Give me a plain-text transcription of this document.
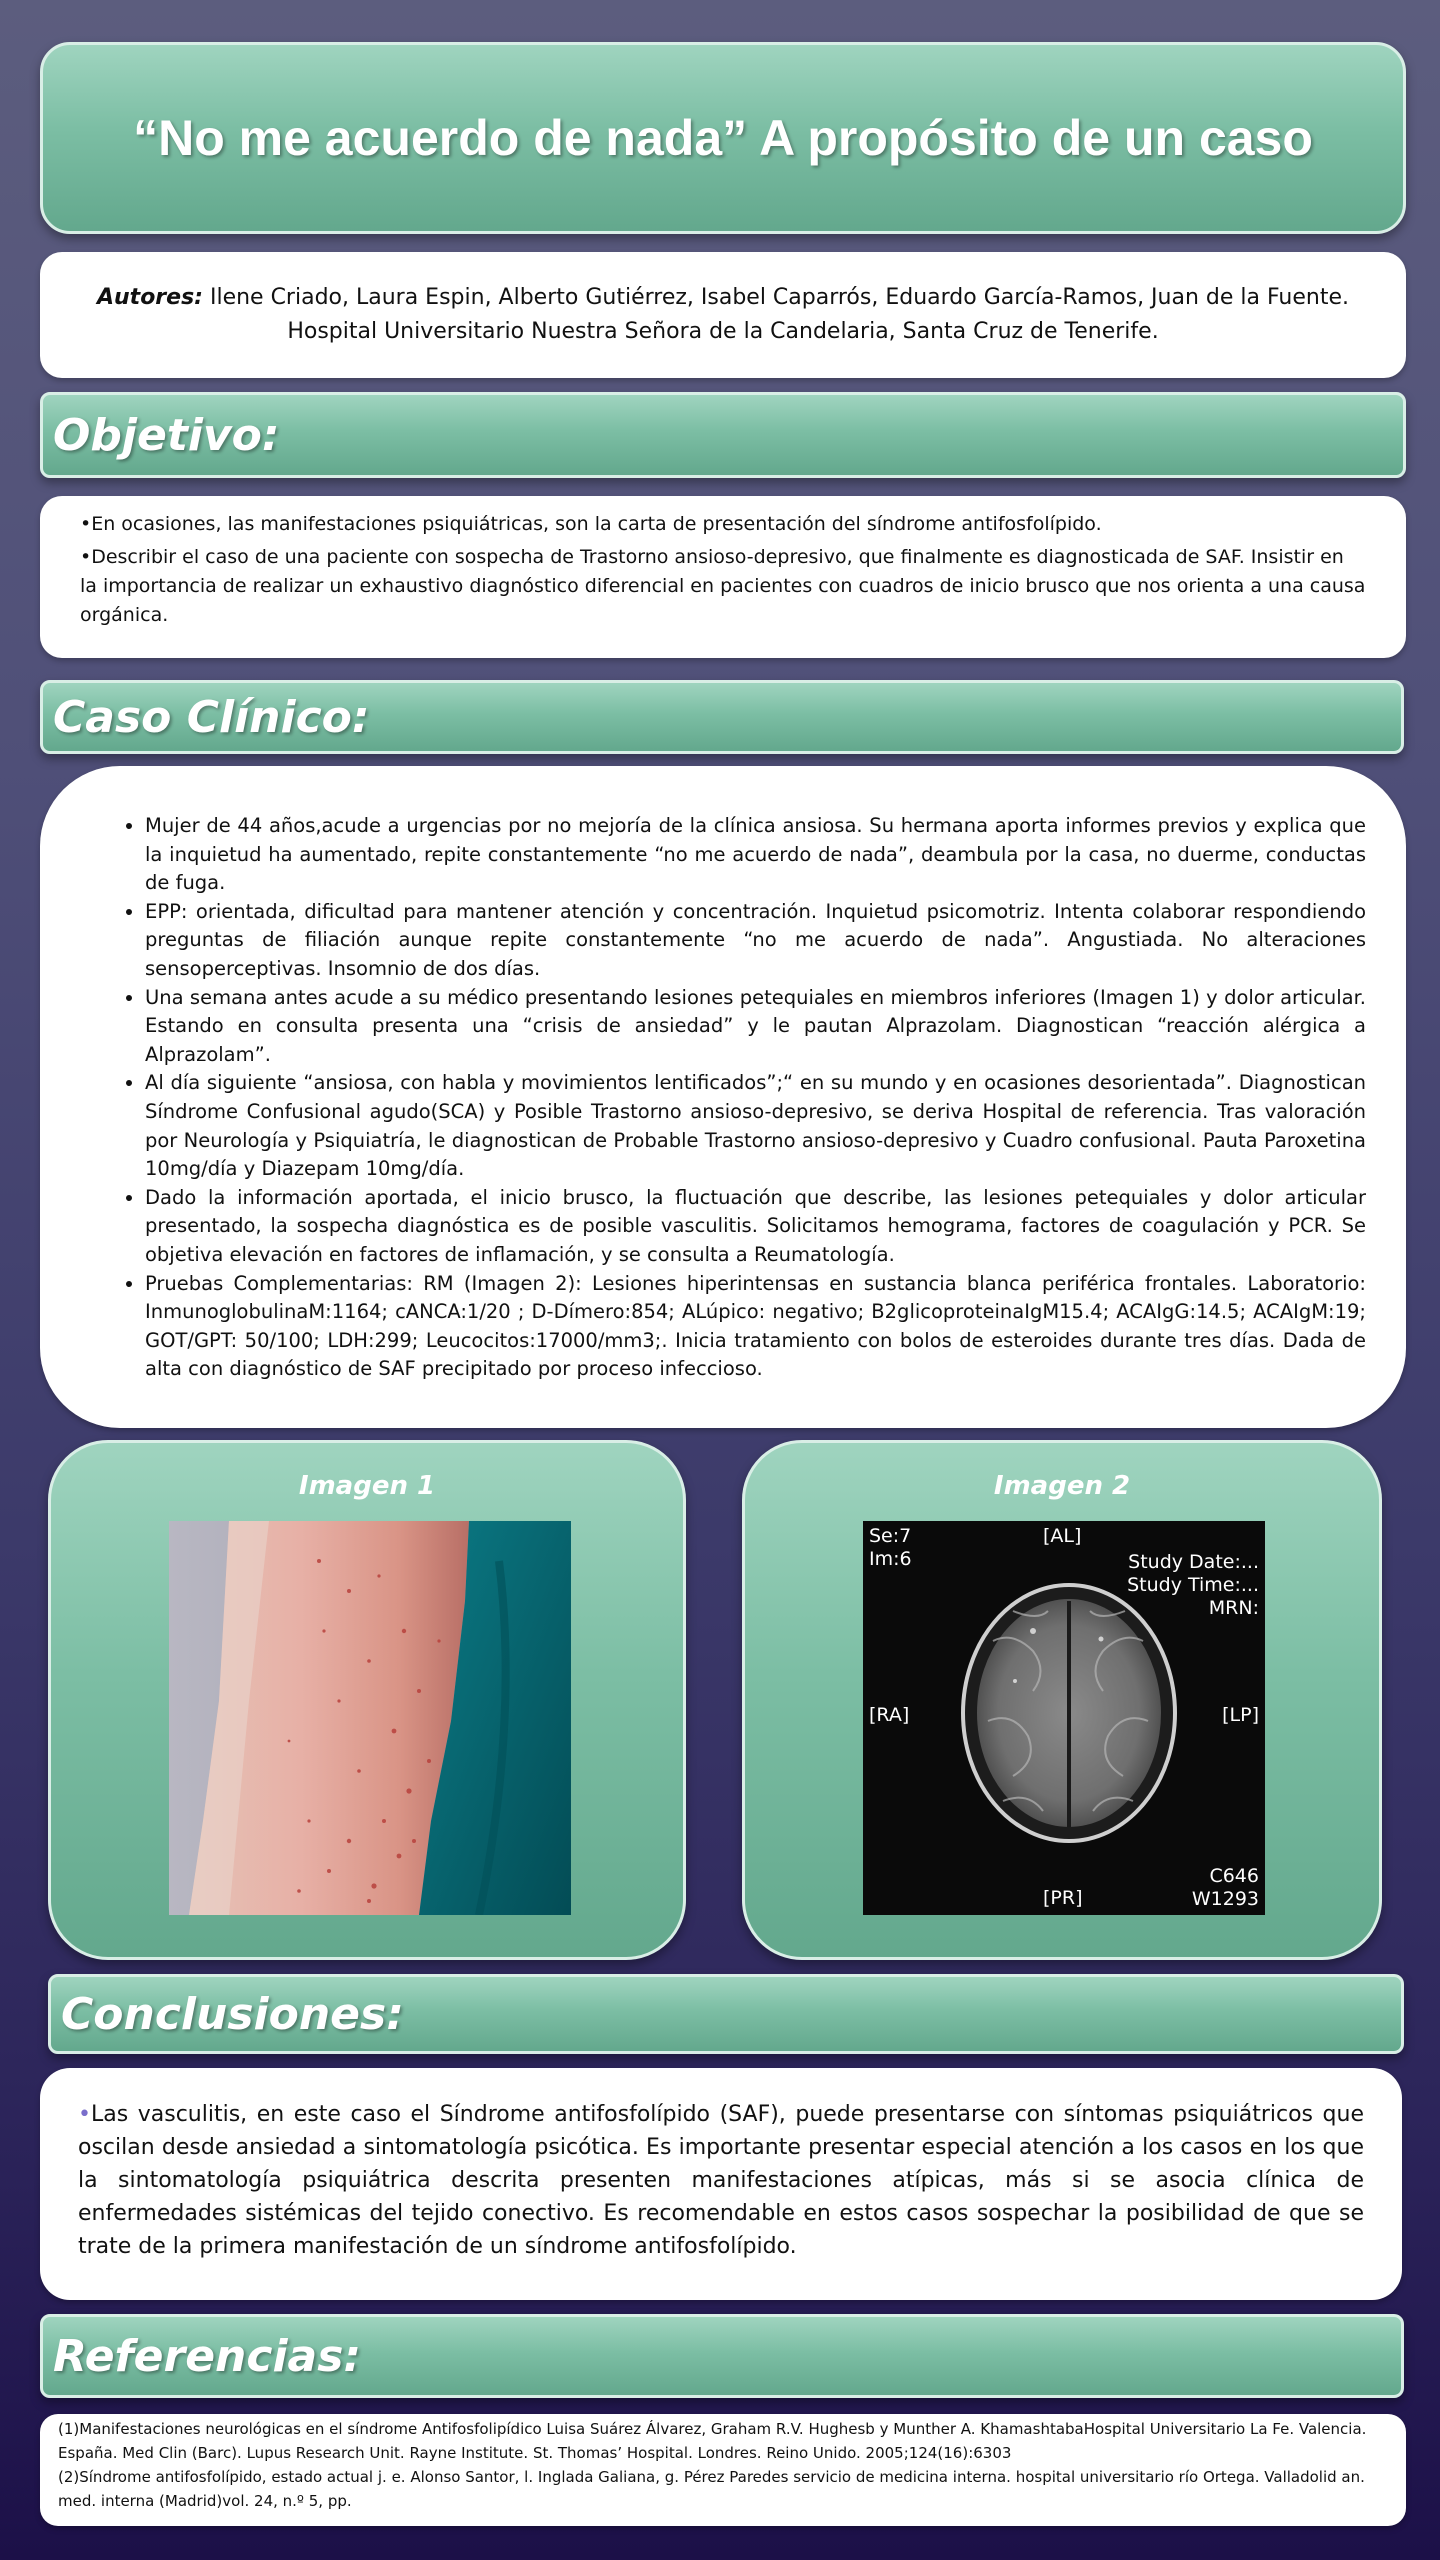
“No me acuerdo de nada” A propósito de un caso
Autores: Ilene Criado, Laura Espin, Alberto Gutiérrez, Isabel Caparrós, Eduardo García-Ramos, Juan de la Fuente.
Hospital Universitario Nuestra Señora de la Candelaria, Santa Cruz de Tenerife.
Objetivo:

•En ocasiones, las manifestaciones psiquiátricas, son la carta de presentación del síndrome antifosfolípido.

•Describir el caso de una paciente con sospecha de Trastorno ansioso-depresivo, que finalmente es diagnosticada de SAF. Insistir en la importancia de realizar un exhaustivo diagnóstico diferencial en pacientes con cuadros de inicio brusco que nos orienta a una causa orgánica.

Caso Clínico:
• Mujer de 44 años,acude a urgencias por no mejoría de la clínica ansiosa. Su hermana aporta informes previos y explica que la inquietud ha aumentado, repite constantemente “no me acuerdo de nada”, deambula por la casa, no duerme, conductas de fuga.
• EPP: orientada, dificultad para mantener atención y concentración. Inquietud psicomotriz. Intenta colaborar respondiendo preguntas de filiación aunque repite constantemente “no me acuerdo de nada”. Angustiada. No alteraciones sensoperceptivas. Insomnio de dos días.
• Una semana antes acude a su médico presentando lesiones petequiales en miembros inferiores (Imagen 1) y dolor articular. Estando en consulta presenta una “crisis de ansiedad” y le pautan Alprazolam. Diagnostican “reacción alérgica a Alprazolam”.
• Al día siguiente “ansiosa, con habla y movimientos lentificados”;“ en su mundo y en ocasiones desorientada”. Diagnostican Síndrome Confusional agudo(SCA) y Posible Trastorno ansioso-depresivo, se deriva Hospital de referencia. Tras valoración por Neurología y Psiquiatría, le diagnostican de Probable Trastorno ansioso-depresivo y Cuadro confusional. Pauta Paroxetina 10mg/día y Diazepam 10mg/día.
• Dado la información aportada, el inicio brusco, la fluctuación que describe, las lesiones petequiales y dolor articular presentado, la sospecha diagnóstica es de posible vasculitis. Solicitamos hemograma, factores de coagulación y PCR. Se objetiva elevación en factores de inflamación, y se consulta a Reumatología.
• Pruebas Complementarias: RM (Imagen 2): Lesiones hiperintensas en sustancia blanca periférica frontales. Laboratorio: InmunoglobulinaM:1164; cANCA:1/20 ; D-Dímero:854; ALúpico: negativo; B2glicoproteinaIgM15.4; ACAIgG:14.5; ACAIgM:19; GOT/GPT: 50/100; LDH:299; Leucocitos:17000/mm3;. Inicia tratamiento con bolos de esteroides durante tres días. Dada de alta con diagnóstico de SAF precipitado por proceso infeccioso.
Imagen 1	Imagen 2
Se:7
Im:6
[AL]
Study Date:...
Study Time:...
MRN:
[RA]	[LP]
[PR]
C646
W1293
Conclusiones:
•Las vasculitis, en este caso el Síndrome antifosfolípido (SAF), puede presentarse con síntomas psiquiátricos que oscilan desde ansiedad a sintomatología psicótica. Es importante presentar especial atención a los casos en los que la sintomatología psiquiátrica descrita presenten manifestaciones atípicas, más si se asocia clínica de enfermedades sistémicas del tejido conectivo. Es recomendable en estos casos sospechar la posibilidad de que se trate de la primera manifestación de un síndrome antifosfolípido.
Referencias:

(1)Manifestaciones neurológicas en el síndrome Antifosfolipídico Luisa Suárez Álvarez, Graham R.V. Hughesb y Munther A. KhamashtabaHospital Universitario La Fe. Valencia. España. Med Clin (Barc). Lupus Research Unit. Rayne Institute. St. Thomas’ Hospital. Londres. Reino Unido. 2005;124(16):6303

(2)Síndrome antifosfolípido, estado actual j. e. Alonso Santor, l. Inglada Galiana, g. Pérez Paredes servicio de medicina interna. hospital universitario río Ortega. Valladolid an. med. interna (Madrid)vol. 24, n.º 5, pp.
